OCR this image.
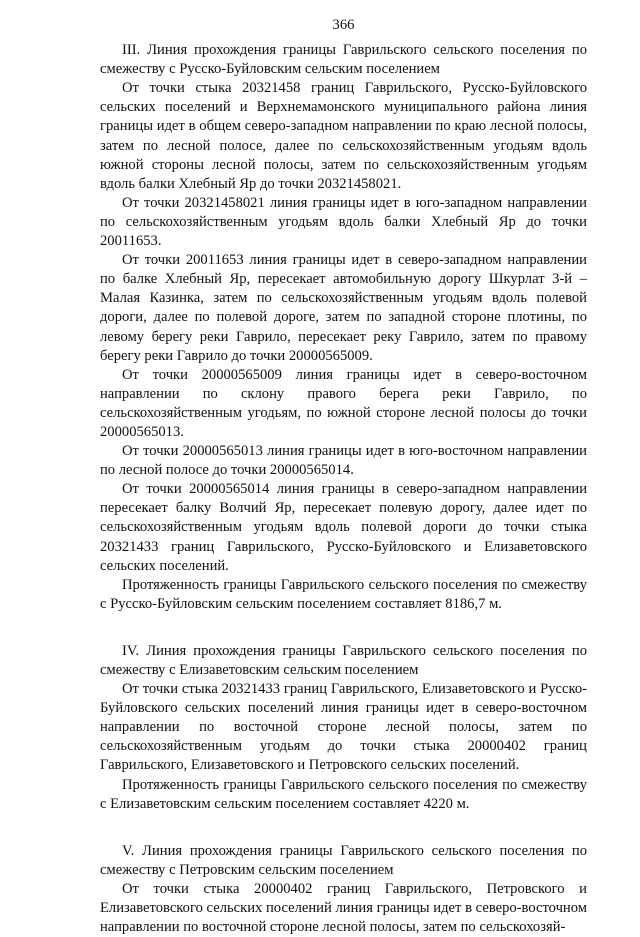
366

III. Линия прохождения границы Гаврильского сельского поселения по смежеству с Русско-Буйловским сельским поселением

От точки стыка 20321458 границ Гаврильского, Русско-Буйловского сельских поселений и Верхнемамонского муниципального района линия границы идет в общем северо-западном направлении по краю лесной полосы, затем по лесной полосе, далее по сельскохозяйственным угодьям вдоль южной стороны лесной полосы, затем по сельскохозяйственным угодьям вдоль балки Хлебный Яр до точки 20321458021.

От точки 20321458021 линия границы идет в юго-западном направлении по сельскохозяйственным угодьям вдоль балки Хлебный Яр до точки 20011653.

От точки 20011653 линия границы идет в северо-западном направлении по балке Хлебный Яр, пересекает автомобильную дорогу Шкурлат 3-й – Малая Казинка, затем по сельскохозяйственным угодьям вдоль полевой дороги, далее по полевой дороге, затем по западной стороне плотины, по левому берегу реки Гаврило, пересекает реку Гаврило, затем по правому берегу реки Гаврило до точки 20000565009.

От точки 20000565009 линия границы идет в северо-восточном направлении по склону правого берега реки Гаврило, по сельскохозяйственным угодьям, по южной стороне лесной полосы до точки 20000565013.

От точки 20000565013 линия границы идет в юго-восточном направлении по лесной полосе до точки 20000565014.

От точки 20000565014 линия границы в северо-западном направлении пересекает балку Волчий Яр, пересекает полевую дорогу, далее идет по сельскохозяйственным угодьям вдоль полевой дороги до точки стыка 20321433 границ Гаврильского, Русско-Буйловского и Елизаветовского сельских поселений.

Протяженность границы Гаврильского сельского поселения по смежеству с Русско-Буйловским сельским поселением составляет 8186,7 м.

IV. Линия прохождения границы Гаврильского сельского поселения по смежеству с Елизаветовским сельским поселением

От точки стыка 20321433 границ Гаврильского, Елизаветовского и Русско-Буйловского сельских поселений линия границы идет в северо-восточном направлении по восточной стороне лесной полосы, затем по сельскохозяйственным угодьям до точки стыка 20000402 границ Гаврильского, Елизаветовского и Петровского сельских поселений.

Протяженность границы Гаврильского сельского поселения по смежеству с Елизаветовским сельским поселением составляет 4220 м.

V. Линия прохождения границы Гаврильского сельского поселения по смежеству с Петровским сельским поселением

От точки стыка 20000402 границ Гаврильского, Петровского и Елизаветовского сельских поселений линия границы идет в северо-восточном направлении по восточной стороне лесной полосы, затем по сельскохозяй-
